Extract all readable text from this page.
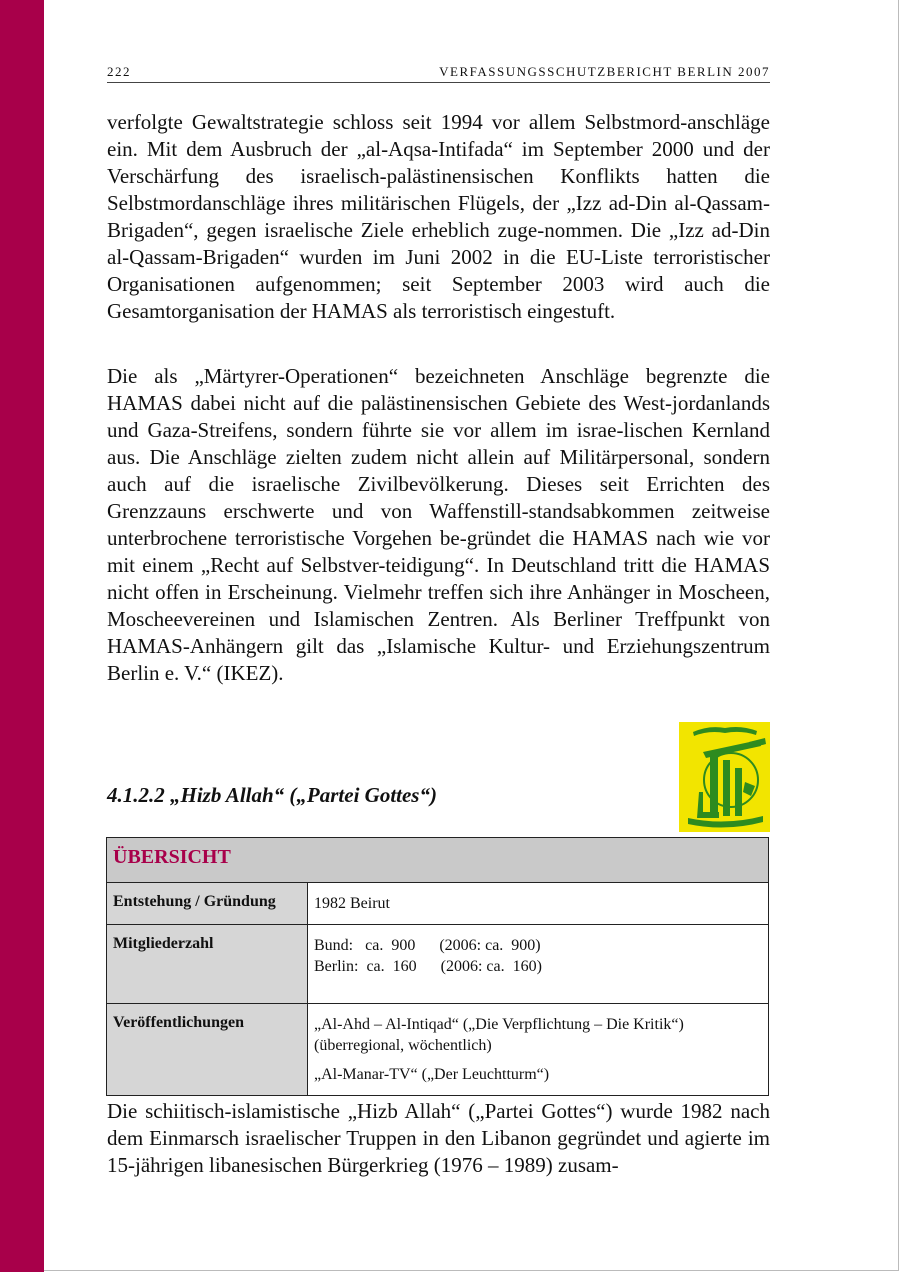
222	VERFASSUNGSSCHUTZBERICHT BERLIN 2007

verfolgte Gewaltstrategie schloss seit 1994 vor allem Selbstmord-anschläge ein. Mit dem Ausbruch der „al-Aqsa-Intifada“ im September 2000 und der Verschärfung des israelisch-palästinensischen Konflikts hatten die Selbstmordanschläge ihres militärischen Flügels, der „Izz ad-Din al-Qassam-Brigaden“, gegen israelische Ziele erheblich zuge-nommen. Die „Izz ad-Din al-Qassam-Brigaden“ wurden im Juni 2002 in die EU-Liste terroristischer Organisationen aufgenommen; seit September 2003 wird auch die Gesamtorganisation der HAMAS als terroristisch eingestuft.

Die als „Märtyrer-Operationen“ bezeichneten Anschläge begrenzte die HAMAS dabei nicht auf die palästinensischen Gebiete des West-jordanlands und Gaza-Streifens, sondern führte sie vor allem im israe-lischen Kernland aus. Die Anschläge zielten zudem nicht allein auf Militärpersonal, sondern auch auf die israelische Zivilbevölkerung. Dieses seit Errichten des Grenzzauns erschwerte und von Waffenstill-standsabkommen zeitweise unterbrochene terroristische Vorgehen be-gründet die HAMAS nach wie vor mit einem „Recht auf Selbstver-teidigung“. In Deutschland tritt die HAMAS nicht offen in Erscheinung. Vielmehr treffen sich ihre Anhänger in Moscheen, Moscheevereinen und Islamischen Zentren. Als Berliner Treffpunkt von HAMAS-Anhängern gilt das „Islamische Kultur- und Erziehungszentrum Berlin e. V.“ (IKEZ).

4.1.2.2 „Hizb Allah“ („Partei Gottes“)
ÜBERSICHT	
Entstehung / Gründung	1982 Beirut

Mitgliederzahl	Bund:   ca.  900      (2006: ca.  900)
Berlin:  ca.  160      (2006: ca.  160)

Veröffentlichungen	„Al-Ahd – Al-Intiqad“ („Die Verpflichtung – Die Kritik“)
(überregional, wöchentlich)
„Al-Manar-TV“ („Der Leuchtturm“)

Die schiitisch-islamistische „Hizb Allah“ („Partei Gottes“) wurde 1982 nach dem Einmarsch israelischer Truppen in den Libanon gegründet und agierte im 15-jährigen libanesischen Bürgerkrieg (1976 – 1989) zusam-
